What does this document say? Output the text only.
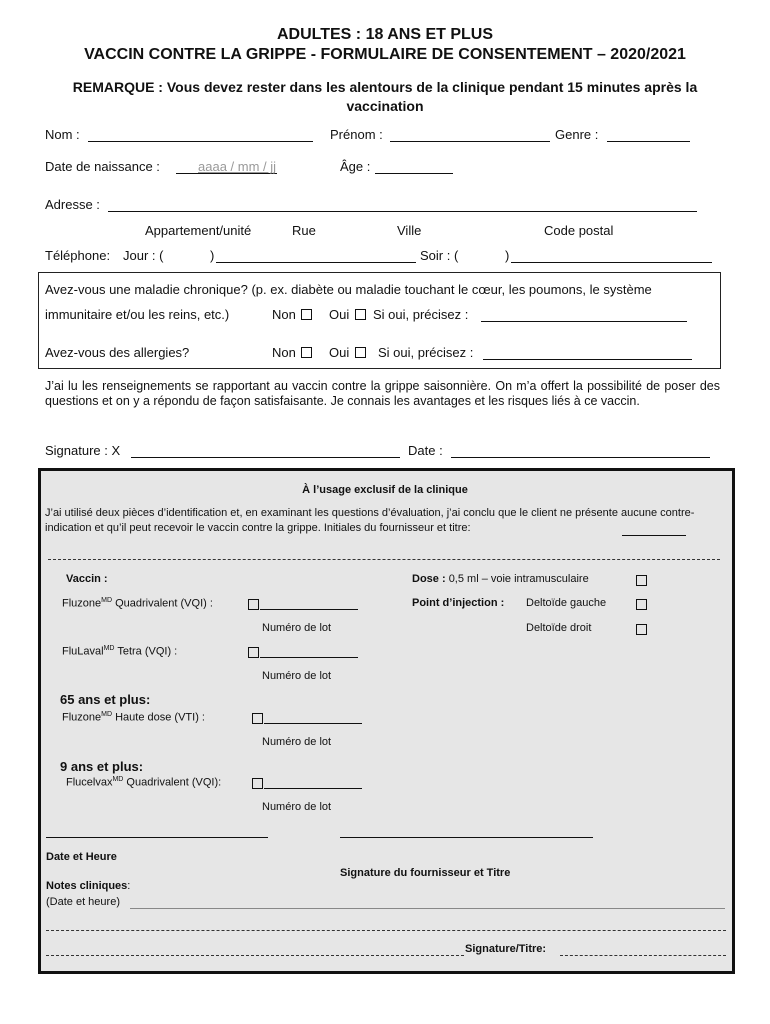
ADULTES : 18 ANS ET PLUS
VACCIN CONTRE LA GRIPPE - FORMULAIRE DE CONSENTEMENT – 2020/2021
REMARQUE : Vous devez rester dans les alentours de la clinique pendant 15 minutes après la vaccination
Nom :	Prénom :	Genre :
Date de naissance :	aaaa / mm / jj	Âge :
Adresse :
Appartement/unité	Rue	Ville	Code postal
Téléphone: Jour : (	)	Soir : (	)
Avez-vous une maladie chronique? (p. ex. diabète ou maladie touchant le cœur, les poumons, le système
immunitaire et/ou les reins, etc.)	Non	Oui	Si oui, précisez :
Avez-vous des allergies?	Non	Oui	Si oui, précisez :
J’ai lu les renseignements se rapportant au vaccin contre la grippe saisonnière. On m’a offert la possibilité de poser des questions et on y a répondu de façon satisfaisante. Je connais les avantages et les risques liés à ce vaccin.
Signature : X	Date :
À l’usage exclusif de la clinique
J’ai utilisé deux pièces d’identification et, en examinant les questions d’évaluation, j’ai conclu que le client ne présente aucune contre-indication et qu’il peut recevoir le vaccin contre la grippe. Initiales du fournisseur et titre:
Vaccin :	Dose : 0,5 ml – voie intramusculaire
Fluzone$^{MD}$ Quadrivalent (VQI) :	Point d’injection : Deltoïde gauche
Numéro de lot	Deltoïde droit
FluLaval$^{MD}$ Tetra (VQI) :
Numéro de lot
65 ans et plus:
Fluzone$^{MD}$ Haute dose (VTI) :
Numéro de lot
9 ans et plus:
Flucelvax$^{MD}$ Quadrivalent (VQI):
Numéro de lot
Date et Heure
Signature du fournisseur et Titre
Notes cliniques:
(Date et heure)
Signature/Titre:
